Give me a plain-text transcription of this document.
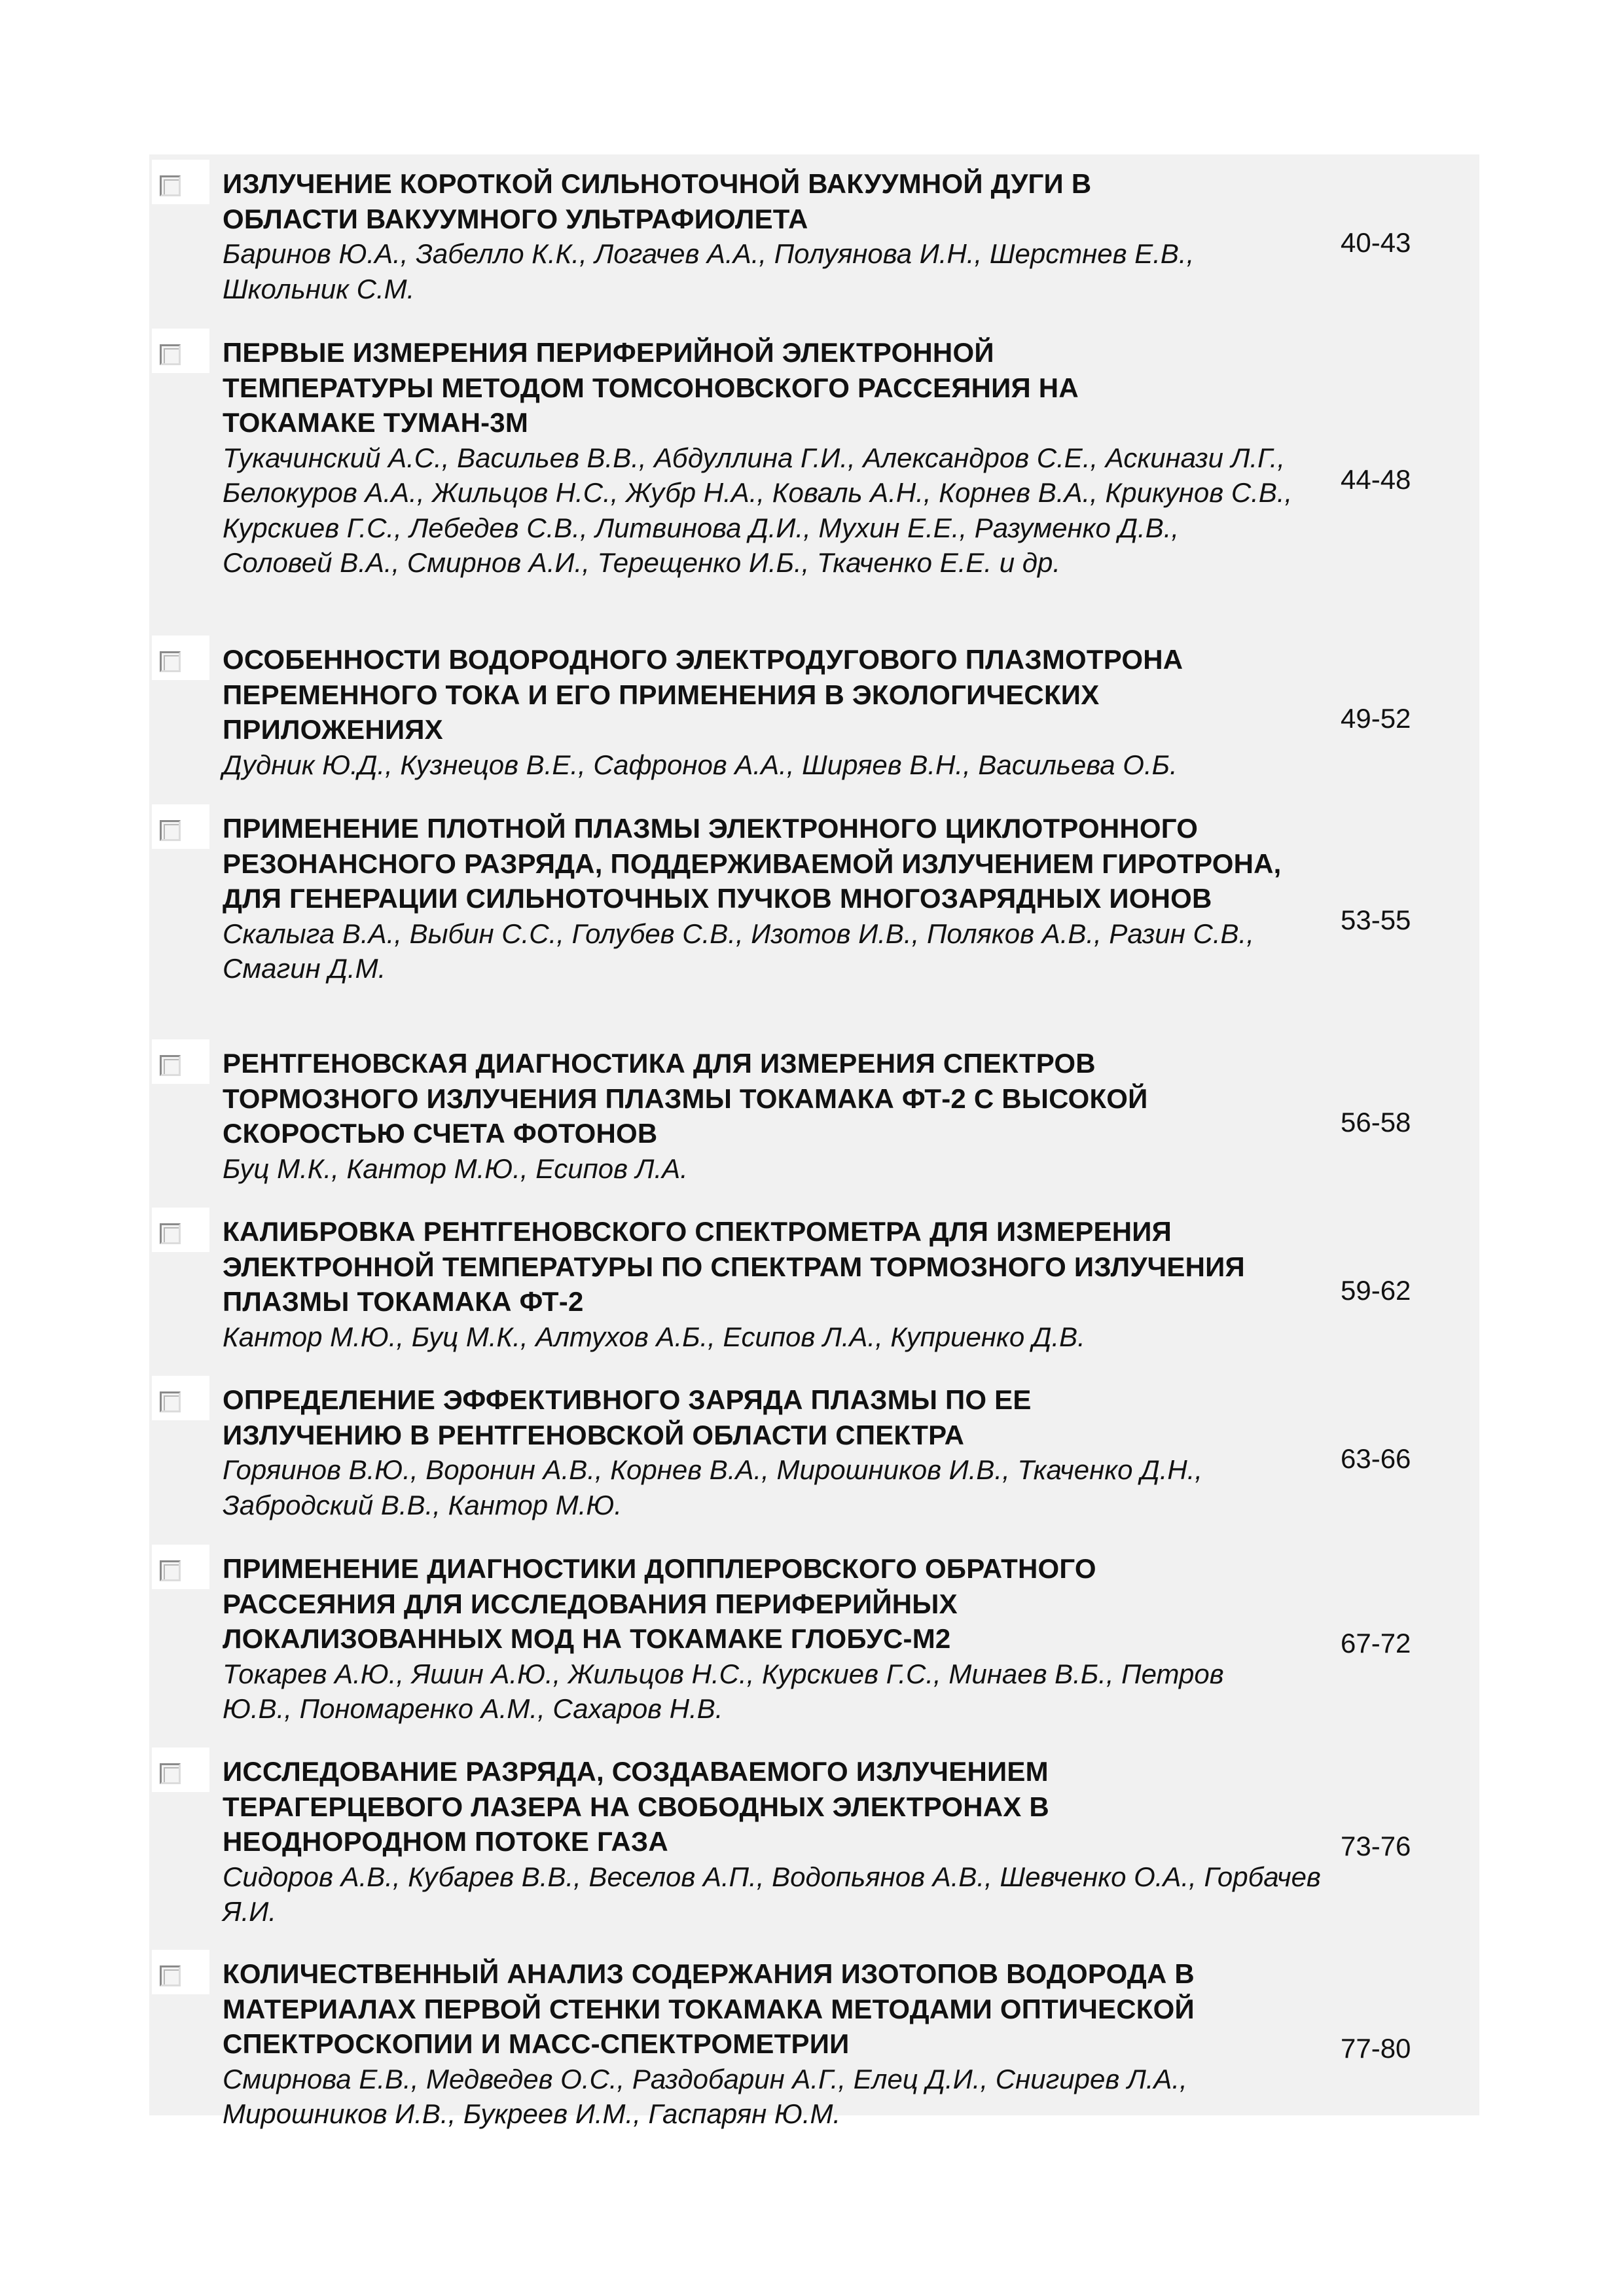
ИЗЛУЧЕНИЕ КОРОТКОЙ СИЛЬНОТОЧНОЙ ВАКУУМНОЙ ДУГИ В ОБЛАСТИ ВАКУУМНОГО УЛЬТРАФИОЛЕТА

Баринов Ю.А., Забелло К.К., Логачев А.А., Полуянова И.Н., Шерстнев Е.В., Школьник С.М.

40-43

ПЕРВЫЕ ИЗМЕРЕНИЯ ПЕРИФЕРИЙНОЙ ЭЛЕКТРОННОЙ ТЕМПЕРАТУРЫ МЕТОДОМ ТОМСОНОВСКОГО РАССЕЯНИЯ НА ТОКАМАКЕ ТУМАН-3М

Тукачинский А.С., Васильев В.В., Абдуллина Г.И., Александров С.Е., Аскинази Л.Г., Белокуров А.А., Жильцов Н.С., Жубр Н.А., Коваль А.Н., Корнев В.А., Крикунов С.В., Курскиев Г.С., Лебедев С.В., Литвинова Д.И., Мухин Е.Е., Разуменко Д.В., Соловей В.А., Смирнов А.И., Терещенко И.Б., Ткаченко Е.Е. и др.

44-48

ОСОБЕННОСТИ ВОДОРОДНОГО ЭЛЕКТРОДУГОВОГО ПЛАЗМОТРОНА ПЕРЕМЕННОГО ТОКА И ЕГО ПРИМЕНЕНИЯ В ЭКОЛОГИЧЕСКИХ ПРИЛОЖЕНИЯХ

Дудник Ю.Д., Кузнецов В.Е., Сафронов А.А., Ширяев В.Н., Васильева О.Б.

49-52

ПРИМЕНЕНИЕ ПЛОТНОЙ ПЛАЗМЫ ЭЛЕКТРОННОГО ЦИКЛОТРОННОГО РЕЗОНАНСНОГО РАЗРЯДА, ПОДДЕРЖИВАЕМОЙ ИЗЛУЧЕНИЕМ ГИРОТРОНА, ДЛЯ ГЕНЕРАЦИИ СИЛЬНОТОЧНЫХ ПУЧКОВ МНОГОЗАРЯДНЫХ ИОНОВ

Скалыга В.А., Выбин С.С., Голубев С.В., Изотов И.В., Поляков А.В., Разин С.В., Смагин Д.М.

53-55

РЕНТГЕНОВСКАЯ ДИАГНОСТИКА ДЛЯ ИЗМЕРЕНИЯ СПЕКТРОВ ТОРМОЗНОГО ИЗЛУЧЕНИЯ ПЛАЗМЫ ТОКАМАКА ФТ-2 С ВЫСОКОЙ СКОРОСТЬЮ СЧЕТА ФОТОНОВ

Буц М.К., Кантор М.Ю., Есипов Л.А.

56-58

КАЛИБРОВКА РЕНТГЕНОВСКОГО СПЕКТРОМЕТРА ДЛЯ ИЗМЕРЕНИЯ ЭЛЕКТРОННОЙ ТЕМПЕРАТУРЫ ПО СПЕКТРАМ ТОРМОЗНОГО ИЗЛУЧЕНИЯ ПЛАЗМЫ ТОКАМАКА ФТ-2

Кантор М.Ю., Буц М.К., Алтухов А.Б., Есипов Л.А., Куприенко Д.В.

59-62

ОПРЕДЕЛЕНИЕ ЭФФЕКТИВНОГО ЗАРЯДА ПЛАЗМЫ ПО ЕЕ ИЗЛУЧЕНИЮ В РЕНТГЕНОВСКОЙ ОБЛАСТИ СПЕКТРА

Горяинов В.Ю., Воронин А.В., Корнев В.А., Мирошников И.В., Ткаченко Д.Н., Забродский В.В., Кантор М.Ю.

63-66

ПРИМЕНЕНИЕ ДИАГНОСТИКИ ДОППЛЕРОВСКОГО ОБРАТНОГО РАССЕЯНИЯ ДЛЯ ИССЛЕДОВАНИЯ ПЕРИФЕРИЙНЫХ ЛОКАЛИЗОВАННЫХ МОД НА ТОКАМАКЕ ГЛОБУС-М2

Токарев А.Ю., Яшин А.Ю., Жильцов Н.С., Курскиев Г.С., Минаев В.Б., Петров Ю.В., Пономаренко А.М., Сахаров Н.В.

67-72

ИССЛЕДОВАНИЕ РАЗРЯДА, СОЗДАВАЕМОГО ИЗЛУЧЕНИЕМ ТЕРАГЕРЦЕВОГО ЛАЗЕРА НА СВОБОДНЫХ ЭЛЕКТРОНАХ В НЕОДНОРОДНОМ ПОТОКЕ ГАЗА

Сидоров А.В., Кубарев В.В., Веселов А.П., Водопьянов А.В., Шевченко О.А., Горбачев Я.И.

73-76

КОЛИЧЕСТВЕННЫЙ АНАЛИЗ СОДЕРЖАНИЯ ИЗОТОПОВ ВОДОРОДА В МАТЕРИАЛАХ ПЕРВОЙ СТЕНКИ ТОКАМАКА МЕТОДАМИ ОПТИЧЕСКОЙ СПЕКТРОСКОПИИ И МАСС-СПЕКТРОМЕТРИИ

Смирнова Е.В., Медведев О.С., Раздобарин А.Г., Елец Д.И., Снигирев Л.А., Мирошников И.В., Букреев И.М., Гаспарян Ю.М.

77-80
